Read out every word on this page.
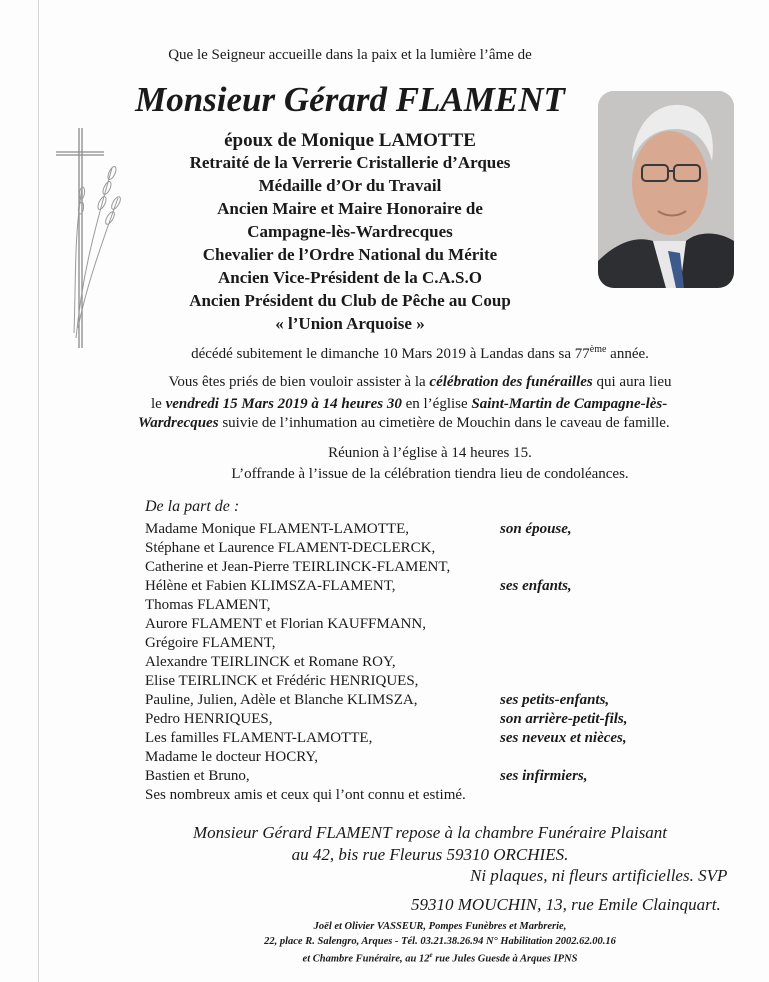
Que le Seigneur accueille dans la paix et la lumière l’âme de
Monsieur Gérard FLAMENT
époux de Monique LAMOTTE
Retraité de la Verrerie Cristallerie d’Arques
Médaille d’Or du Travail
Ancien Maire et Maire Honoraire de
Campagne-lès-Wardrecques
Chevalier de l’Ordre National du Mérite
Ancien Vice-Président de la C.A.S.O
Ancien Président du Club de Pêche au Coup
« l’Union Arquoise »
décédé subitement le dimanche 10 Mars 2019 à Landas dans sa 77ème année.
Vous êtes priés de bien vouloir assister à la célébration des funérailles qui aura lieu
le vendredi 15 Mars 2019 à 14 heures 30 en l’église Saint-Martin de Campagne-lès-
Wardrecques suivie de l’inhumation au cimetière de Mouchin dans le caveau de famille.
Réunion à l’église à 14 heures 15.
L’offrande à l’issue de la célébration tiendra lieu de condoléances.
De la part de :
Madame Monique FLAMENT-LAMOTTE,	son épouse,
Stéphane et Laurence FLAMENT-DECLERCK,
Catherine et Jean-Pierre TEIRLINCK-FLAMENT,
Hélène et Fabien KLIMSZA-FLAMENT,	ses enfants,
Thomas FLAMENT,
Aurore FLAMENT et Florian KAUFFMANN,
Grégoire FLAMENT,
Alexandre TEIRLINCK et Romane ROY,
Elise TEIRLINCK et Frédéric HENRIQUES,
Pauline, Julien, Adèle et Blanche KLIMSZA,	ses petits-enfants,
Pedro HENRIQUES,	son arrière-petit-fils,
Les familles FLAMENT-LAMOTTE,	ses neveux et nièces,
Madame le docteur HOCRY,
Bastien et Bruno,	ses infirmiers,
Ses nombreux amis et ceux qui l’ont connu et estimé.
Monsieur Gérard FLAMENT repose à la chambre Funéraire Plaisant
au 42, bis rue Fleurus 59310 ORCHIES.
Ni plaques, ni fleurs artificielles. SVP
59310 MOUCHIN, 13, rue Emile Clainquart.
Joël et Olivier VASSEUR, Pompes Funèbres et Marbrerie,
22, place R. Salengro, Arques - Tél. 03.21.38.26.94 N° Habilitation 2002.62.00.16
et Chambre Funéraire, au 12e rue Jules Guesde à Arques IPNS
